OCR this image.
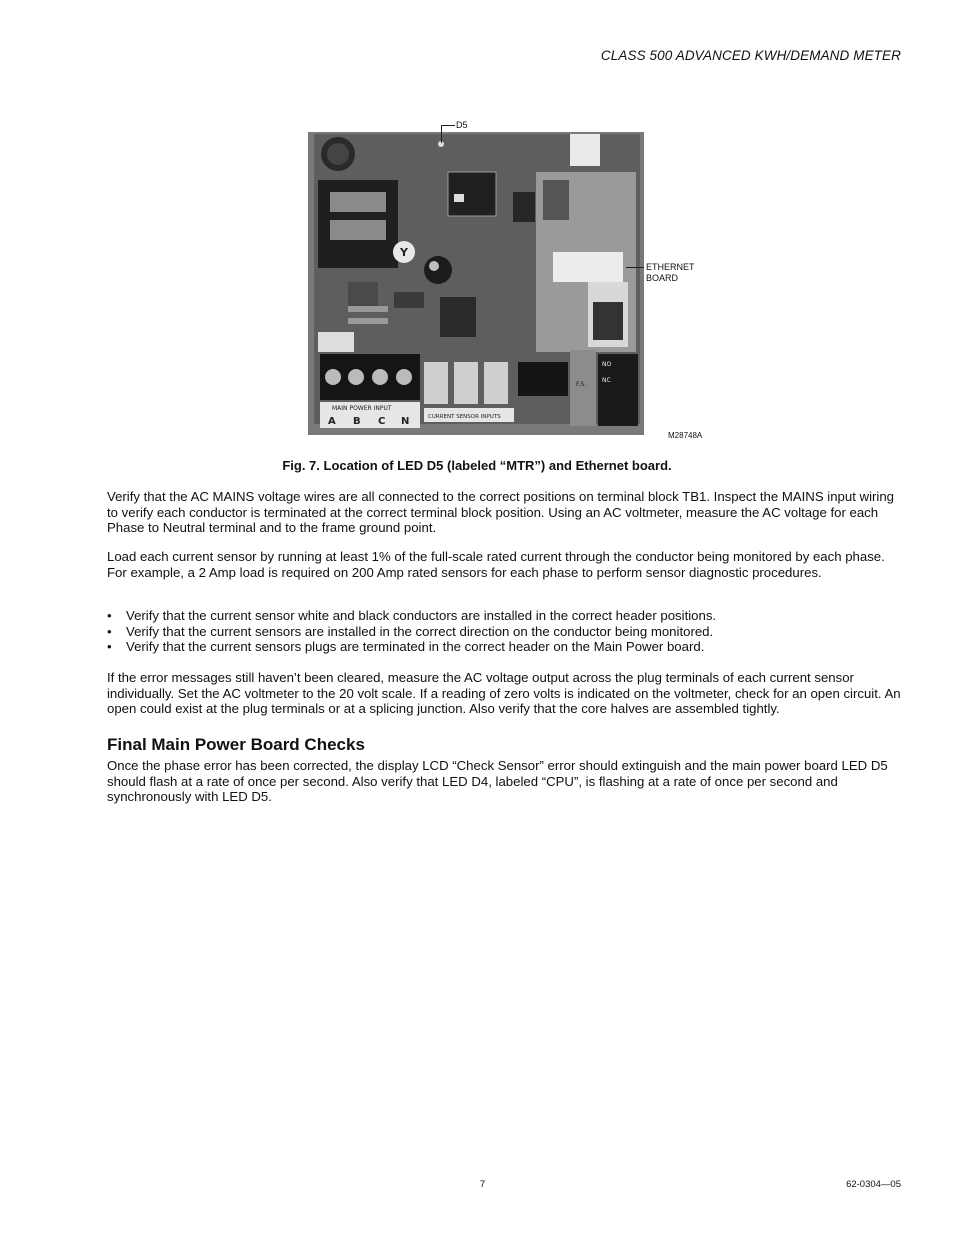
CLASS 500 ADVANCED KWH/DEMAND METER
Y
MAIN POWER INPUT
A B C N	CURRENT SENSOR INPUTS
NO
NC
F.S.
D5
ETHERNET
BOARD
M28748A
Fig. 7. Location of LED D5 (labeled “MTR”) and Ethernet board.

Verify that the AC MAINS voltage wires are all connected to the correct positions on terminal block TB1. Inspect the MAINS input wiring to verify each conductor is terminated at the correct terminal block position. Using an AC voltmeter, measure the AC voltage for each Phase to Neutral terminal and to the frame ground point.

Load each current sensor by running at least 1% of the full-scale rated current through the conductor being monitored by each phase. For example, a 2 Amp load is required on 200 Amp rated sensors for each phase to perform sensor diagnostic procedures.

• Verify that the current sensor white and black conductors are installed in the correct header positions.
• Verify that the current sensors are installed in the correct direction on the conductor being monitored.
• Verify that the current sensors plugs are terminated in the correct header on the Main Power board.

If the error messages still haven’t been cleared, measure the AC voltage output across the plug terminals of each current sensor individually. Set the AC voltmeter to the 20 volt scale. If a reading of zero volts is indicated on the voltmeter, check for an open circuit. An open could exist at the plug terminals or at a splicing junction. Also verify that the core halves are assembled tightly.

Final Main Power Board Checks

Once the phase error has been corrected, the display LCD “Check Sensor” error should extinguish and the main power board LED D5 should flash at a rate of once per second. Also verify that LED D4, labeled “CPU”, is flashing at a rate of once per second and synchronously with LED D5.

7	62-0304—05
